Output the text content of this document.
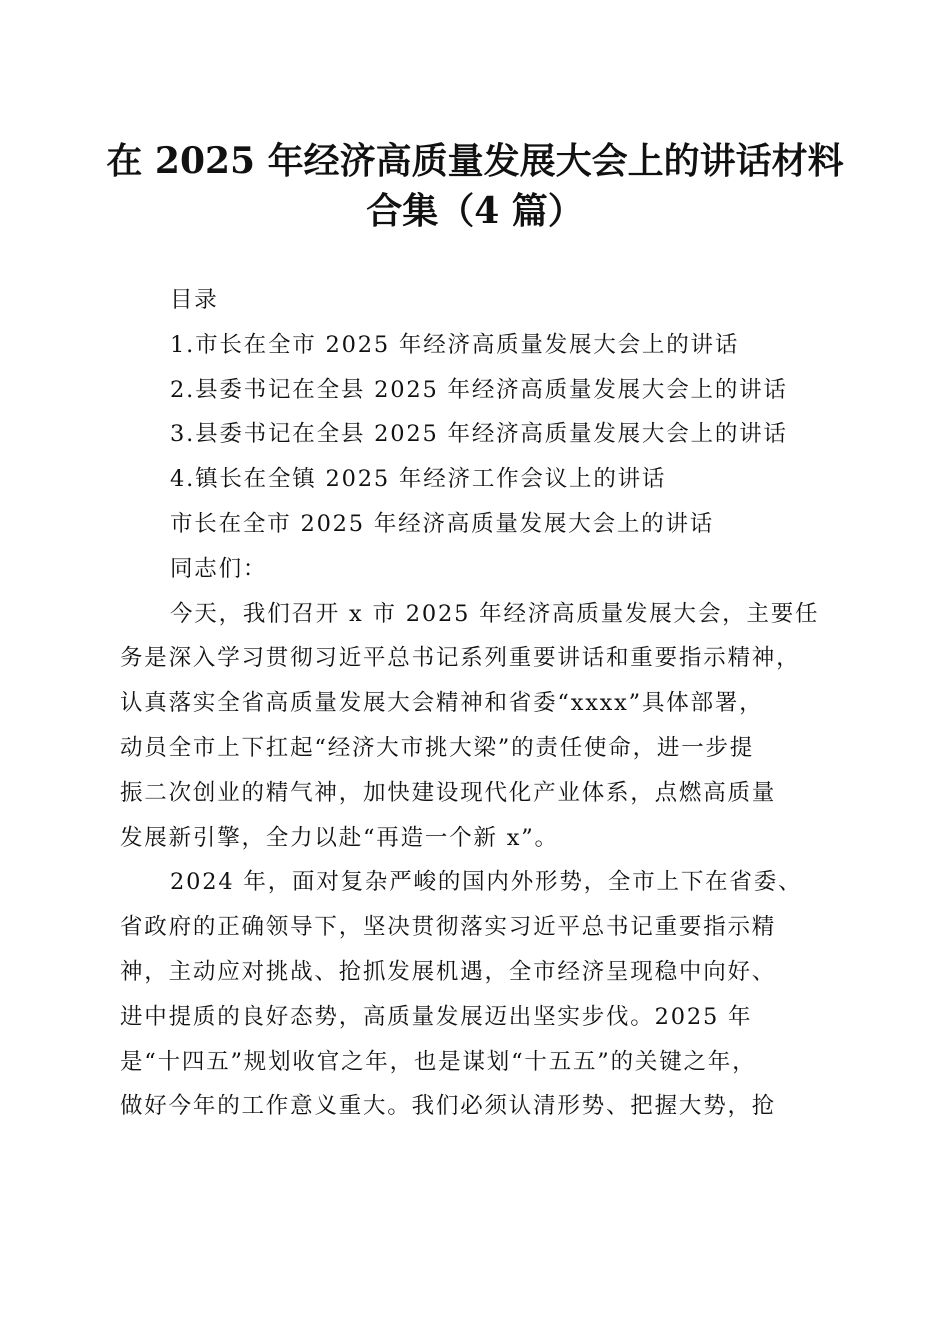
在 2025 年经济高质量发展大会上的讲话材料
合集（4 篇）

目录

1.市长在全市 2025 年经济高质量发展大会上的讲话

2.县委书记在全县 2025 年经济高质量发展大会上的讲话

3.县委书记在全县 2025 年经济高质量发展大会上的讲话

4.镇长在全镇 2025 年经济工作会议上的讲话

市长在全市 2025 年经济高质量发展大会上的讲话

同志们：

今天，我们召开 x 市 2025 年经济高质量发展大会，主要任

务是深入学习贯彻习近平总书记系列重要讲话和重要指示精神，

认真落实全省高质量发展大会精神和省委“xxxx”具体部署，

动员全市上下扛起“经济大市挑大梁”的责任使命，进一步提

振二次创业的精气神，加快建设现代化产业体系，点燃高质量

发展新引擎，全力以赴“再造一个新 x”。

2024 年，面对复杂严峻的国内外形势，全市上下在省委、

省政府的正确领导下，坚决贯彻落实习近平总书记重要指示精

神，主动应对挑战、抢抓发展机遇，全市经济呈现稳中向好、

进中提质的良好态势，高质量发展迈出坚实步伐。2025 年

是“十四五”规划收官之年，也是谋划“十五五”的关键之年，

做好今年的工作意义重大。我们必须认清形势、把握大势，抢
